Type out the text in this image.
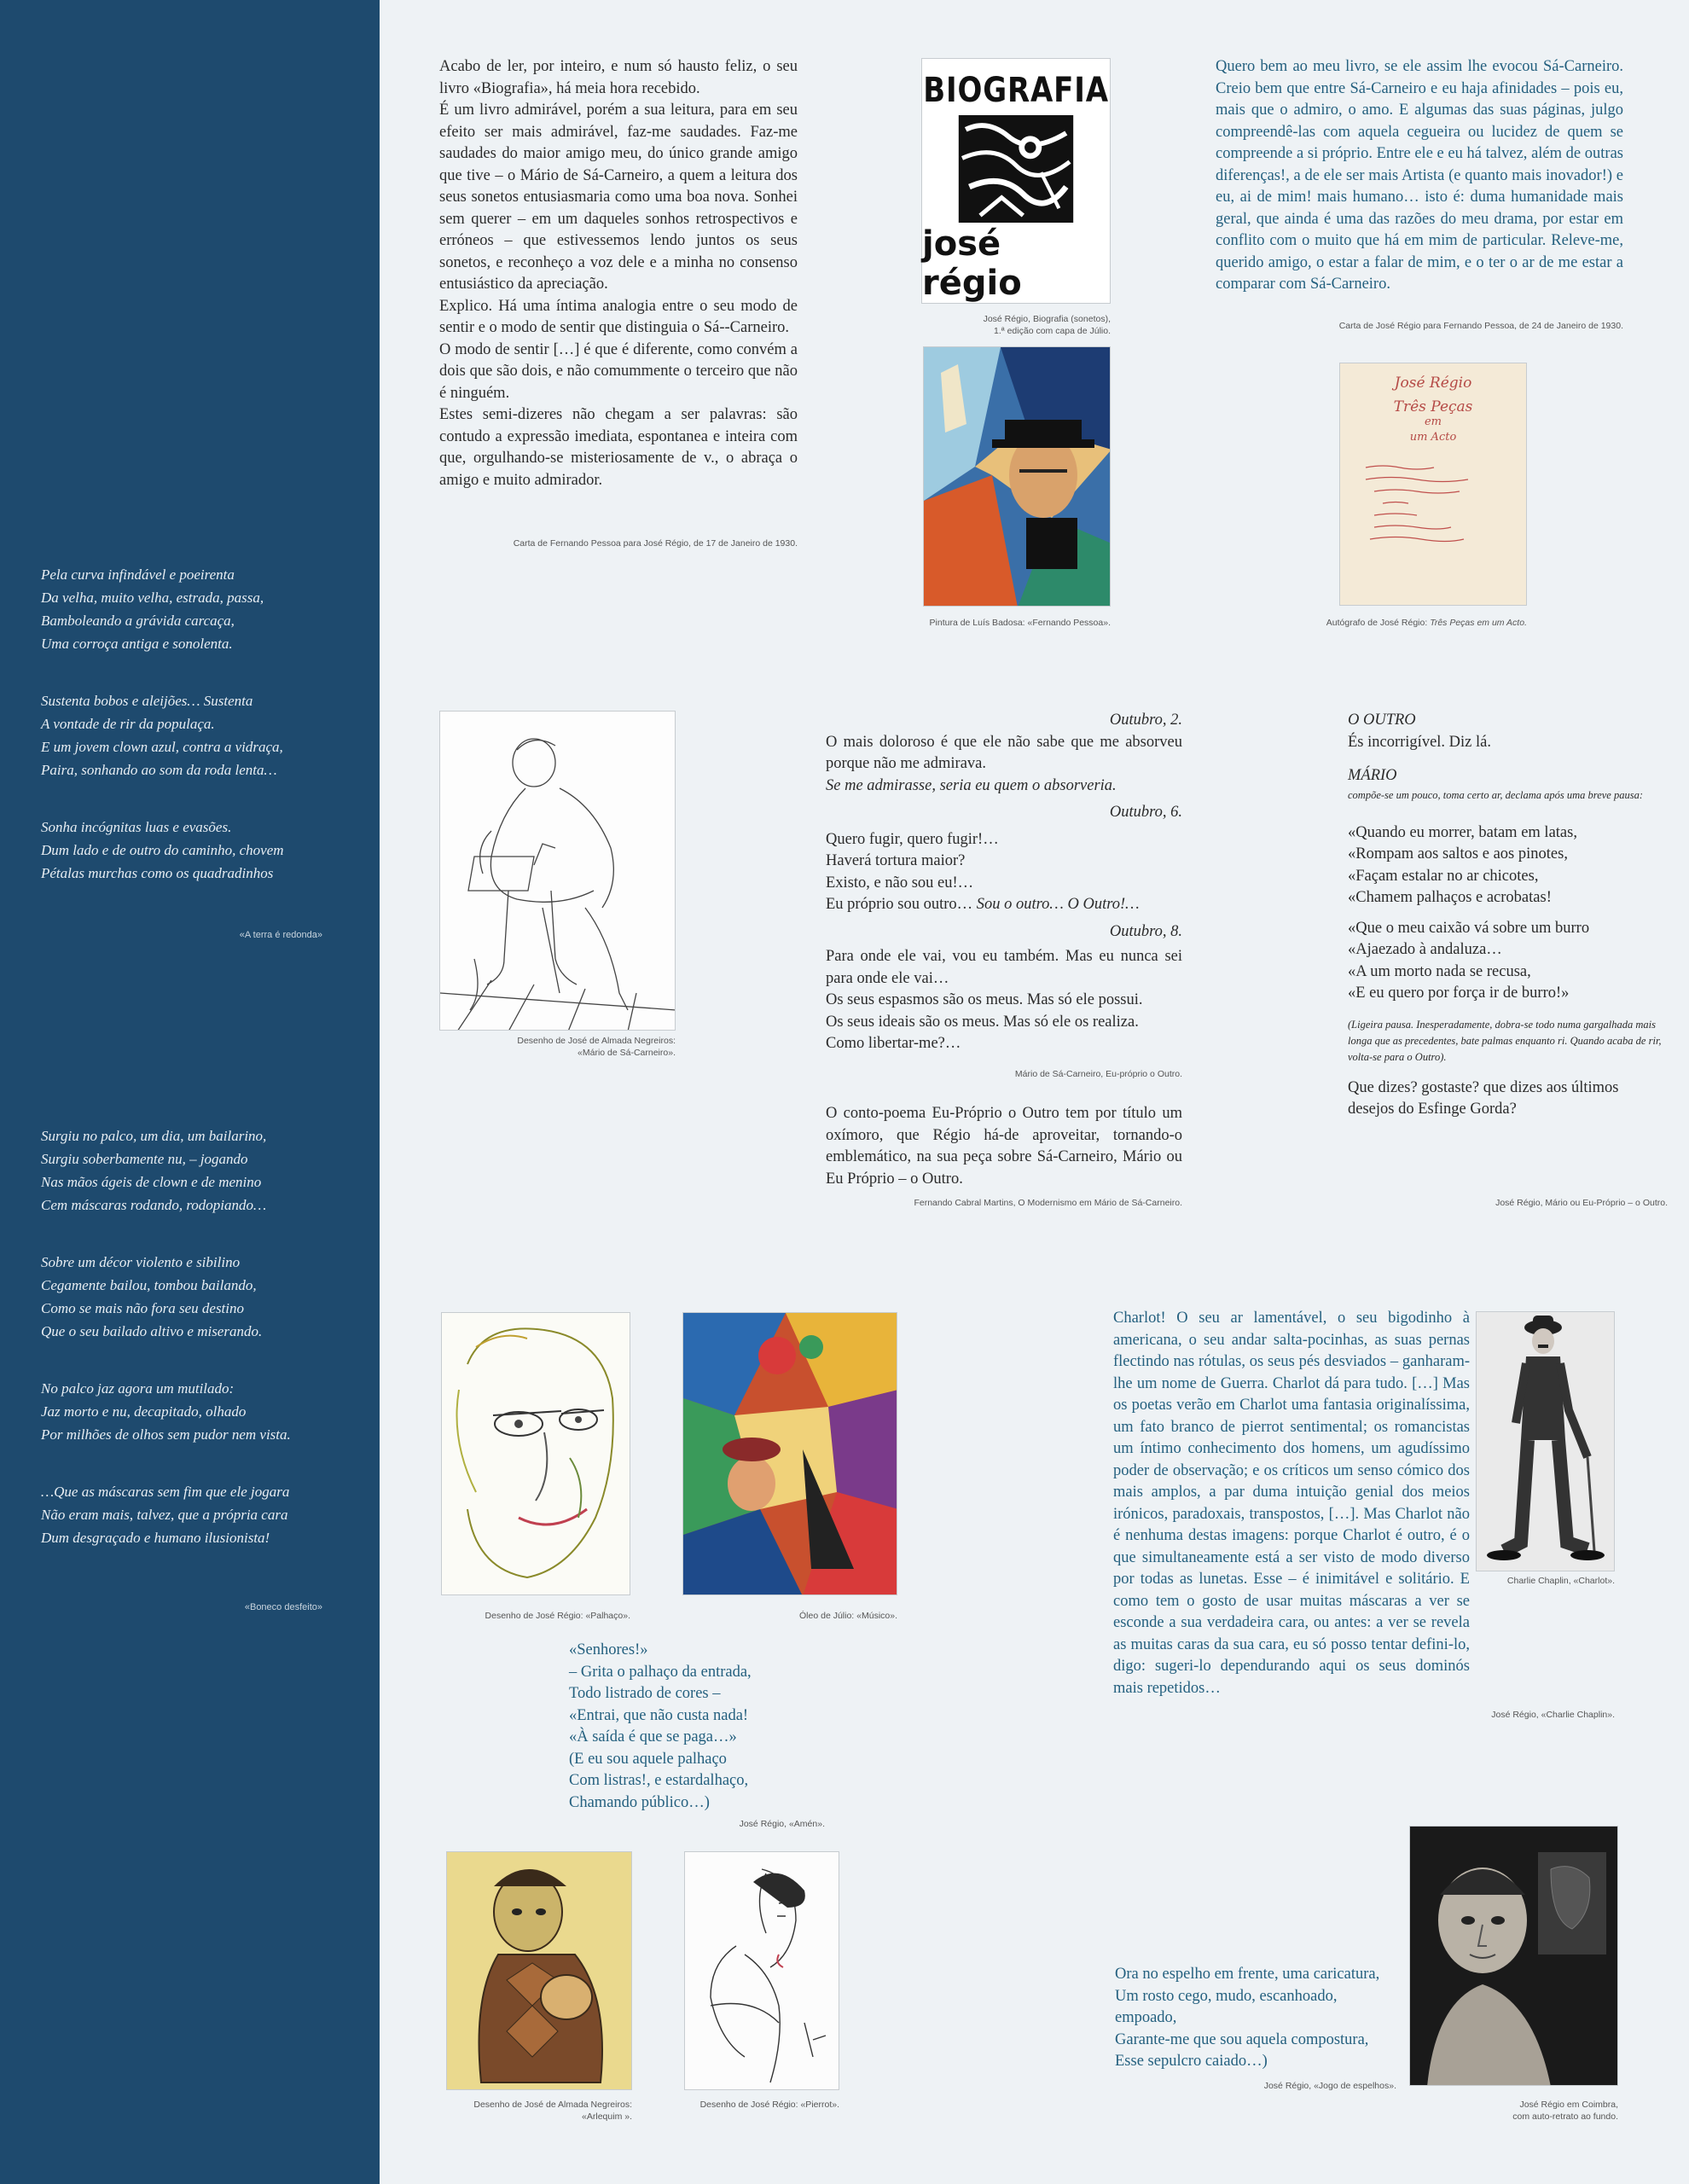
Pela curva infindável e poeirenta
Da velha, muito velha, estrada, passa,
Bamboleando a grávida carcaça,
Uma corroça antiga e sonolenta.
Sustenta bobos e aleijões… Sustenta
A vontade de rir da populaça.
E um jovem clown azul, contra a vidraça,
Paira, sonhando ao som da roda lenta…
Sonha incógnitas luas e evasões.
Dum lado e de outro do caminho, chovem
Pétalas murchas como os quadradinhos
«A terra é redonda»
Surgiu no palco, um dia, um bailarino,
Surgiu soberbamente nu, – jogando
Nas mãos ágeis de clown e de menino
Cem máscaras rodando, rodopiando…
Sobre um décor violento e sibilino
Cegamente bailou, tombou bailando,
Como se mais não fora seu destino
Que o seu bailado altivo e miserando.
No palco jaz agora um mutilado:
Jaz morto e nu, decapitado, olhado
Por milhões de olhos sem pudor nem vista.
…Que as máscaras sem fim que ele jogara
Não eram mais, talvez, que a própria cara
Dum desgraçado e humano ilusionista!
«Boneco desfeito»

Acabo de ler, por inteiro, e num só hausto feliz, o seu livro «Biografia», há meia hora recebido.

É um livro admirável, porém a sua leitura, para em seu efeito ser mais admirável, faz-me saudades. Faz-me saudades do maior amigo meu, do único grande amigo que tive – o Mário de Sá-Carneiro, a quem a leitura dos seus sonetos entusiasmaria como uma boa nova. Sonhei sem querer – em um daqueles sonhos retrospectivos e erróneos – que estivessemos lendo juntos os seus sonetos, e reconheço a voz dele e a minha no consenso entusiástico da apreciação.

Explico. Há uma íntima analogia entre o seu modo de sentir e o modo de sentir que distinguia o Sá--Carneiro.

O modo de sentir […] é que é diferente, como convém a dois que são dois, e não comummente o terceiro que não é ninguém.

Estes semi-dizeres não chegam a ser palavras: são contudo a expressão imediata, espontanea e inteira com que, orgulhando-se misteriosamente de v., o abraça o amigo e muito admirador.

Carta de Fernando Pessoa para José Régio, de 17 de Janeiro de 1930.
BIOGRAFIA
josé régio
José Régio, Biografia (sonetos),
1.ª edição com capa de Júlio.
Pintura de Luís Badosa: «Fernando Pessoa».
Quero bem ao meu livro, se ele assim lhe evocou Sá-Carneiro. Creio bem que entre Sá-Carneiro e eu haja afinidades – pois eu, mais que o admiro, o amo. E algumas das suas páginas, julgo compreendê-las com aquela cegueira ou lucidez de quem se compreende a si próprio. Entre ele e eu há talvez, além de outras diferenças!, a de ele ser mais Artista (e quanto mais inovador!) e eu, ai de mim! mais humano… isto é: duma humanidade mais geral, que ainda é uma das razões do meu drama, por estar em conflito com o muito que há em mim de particular. Releve-me, querido amigo, o estar a falar de mim, e o ter o ar de me estar a comparar com Sá-Carneiro.
Carta de José Régio para Fernando Pessoa, de 24 de Janeiro de 1930.
José Régio
Três Peças
em
um Acto
Autógrafo de José Régio: Três Peças em um Acto.
Desenho de José de Almada Negreiros:
«Mário de Sá-Carneiro».
Outubro, 2.
O mais doloroso é que ele não sabe que me absorveu porque não me admirava.
Se me admirasse, seria eu quem o absorveria.
Outubro, 6.
Quero fugir, quero fugir!…
Haverá tortura maior?
Existo, e não sou eu!…
Eu próprio sou outro… Sou o outro… O Outro!…
Outubro, 8.
Para onde ele vai, vou eu também. Mas eu nunca sei para onde ele vai…
Os seus espasmos são os meus. Mas só ele possui.
Os seus ideais são os meus. Mas só ele os realiza.
Como libertar-me?…
Mário de Sá-Carneiro, Eu-próprio o Outro.
O conto-poema Eu-Próprio o Outro tem por título um oxímoro, que Régio há-de aproveitar, tornando-o emblemático, na sua peça sobre Sá-Carneiro, Mário ou Eu Próprio – o Outro.
Fernando Cabral Martins, O Modernismo em Mário de Sá-Carneiro.
O OUTRO
És incorrigível. Diz lá.
MÁRIO
compõe-se um pouco, toma certo ar, declama após uma breve pausa:
«Quando eu morrer, batam em latas,
«Rompam aos saltos e aos pinotes,
«Façam estalar no ar chicotes,
«Chamem palhaços e acrobatas!
«Que o meu caixão vá sobre um burro
«Ajaezado à andaluza…
«A um morto nada se recusa,
«E eu quero por força ir de burro!»
(Ligeira pausa. Inesperadamente, dobra-se todo numa gargalhada mais longa que as precedentes, bate palmas enquanto ri. Quando acaba de rir, volta-se para o Outro).
Que dizes? gostaste? que dizes aos últimos desejos do Esfinge Gorda?
José Régio, Mário ou Eu-Próprio – o Outro.
Desenho de José Régio: «Palhaço».	Óleo de Júlio: «Músico».
«Senhores!»
– Grita o palhaço da entrada,
Todo listrado de cores –
«Entrai, que não custa nada!
«À saída é que se paga…»
(E eu sou aquele palhaço
Com listras!, e estardalhaço,
Chamando público…)
José Régio, «Amén».
Charlot! O seu ar lamentável, o seu bigodinho à americana, o seu andar salta-pocinhas, as suas pernas flectindo nas rótulas, os seus pés desviados – ganharam-lhe um nome de Guerra. Charlot dá para tudo. […] Mas os poetas verão em Charlot uma fantasia originalíssima, um fato branco de pierrot sentimental; os romancistas um íntimo conhecimento dos homens, um agudíssimo poder de observação; e os críticos um senso cómico dos mais amplos, a par duma intuição genial dos meios irónicos, paradoxais, transpostos, […]. Mas Charlot não é nenhuma destas imagens: porque Charlot é outro, é o que simultaneamente está a ser visto de modo diverso por todas as lunetas. Esse – é inimitável e solitário. E como tem o gosto de usar muitas máscaras a ver se esconde a sua verdadeira cara, ou antes: a ver se revela as muitas caras da sua cara, eu só posso tentar defini-lo, digo: sugeri-lo dependurando aqui os seus dominós mais repetidos…
José Régio, «Charlie Chaplin».
Charlie Chaplin, «Charlot».
Desenho de José de Almada Negreiros:
«Arlequim ».
Desenho de José Régio: «Pierrot».
Ora no espelho em frente, uma caricatura,
Um rosto cego, mudo, escanhoado,
empoado,
Garante-me que sou aquela compostura,
Esse sepulcro caiado…)
José Régio, «Jogo de espelhos».
José Régio em Coimbra,
com auto-retrato ao fundo.
